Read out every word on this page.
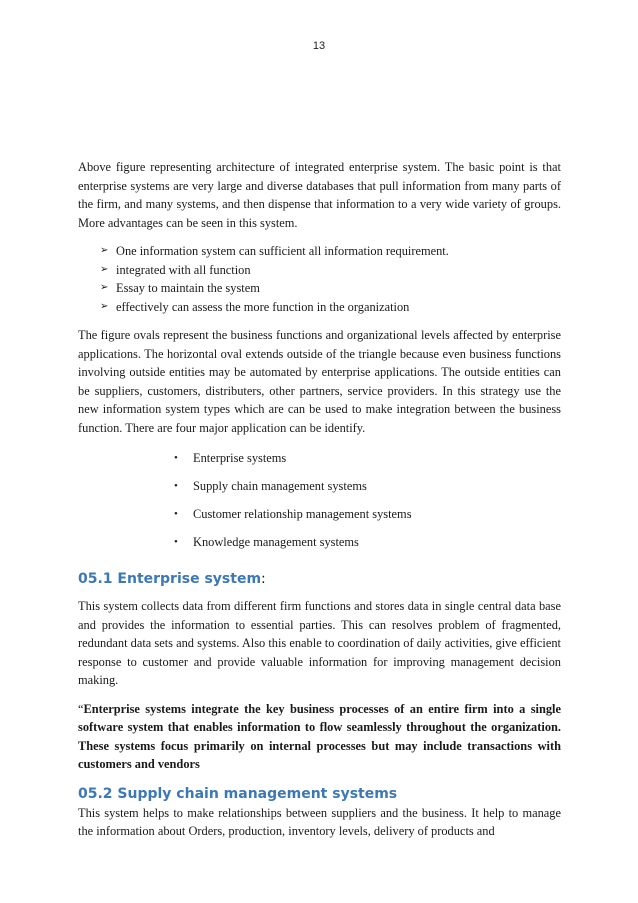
13

Above figure representing architecture of integrated enterprise system. The basic point is that enterprise systems are very large and diverse databases that pull information from many parts of the firm, and many systems, and then dispense that information to a very wide variety of groups. More advantages can be seen in this system.

➢ One information system can sufficient all information requirement.
➢ integrated with all function
➢ Essay to maintain the system
➢ effectively can assess the more function in the organization

The figure ovals represent the business functions and organizational levels affected by enterprise applications. The horizontal oval extends outside of the triangle because even business functions involving outside entities may be automated by enterprise applications. The outside entities can be suppliers, customers, distributers, other partners, service providers. In this strategy use the new information system types which are can be used to make integration between the business function. There are four major application can be identify.

• Enterprise systems
• Supply chain management systems
• Customer relationship management systems
• Knowledge management systems
05.1 Enterprise system:

This system collects data from different firm functions and stores data in single central data base and provides the information to essential parties. This can resolves problem of fragmented, redundant data sets and systems. Also this enable to coordination of daily activities, give efficient response to customer and provide valuable information for improving management decision making.

“Enterprise systems integrate the key business processes of an entire firm into a single software system that enables information to flow seamlessly throughout the organization. These systems focus primarily on internal processes but may include transactions with customers and vendors

05.2 Supply chain management systems

This system helps to make relationships between suppliers and the business. It help to manage the information about Orders, production, inventory levels, delivery of products and
